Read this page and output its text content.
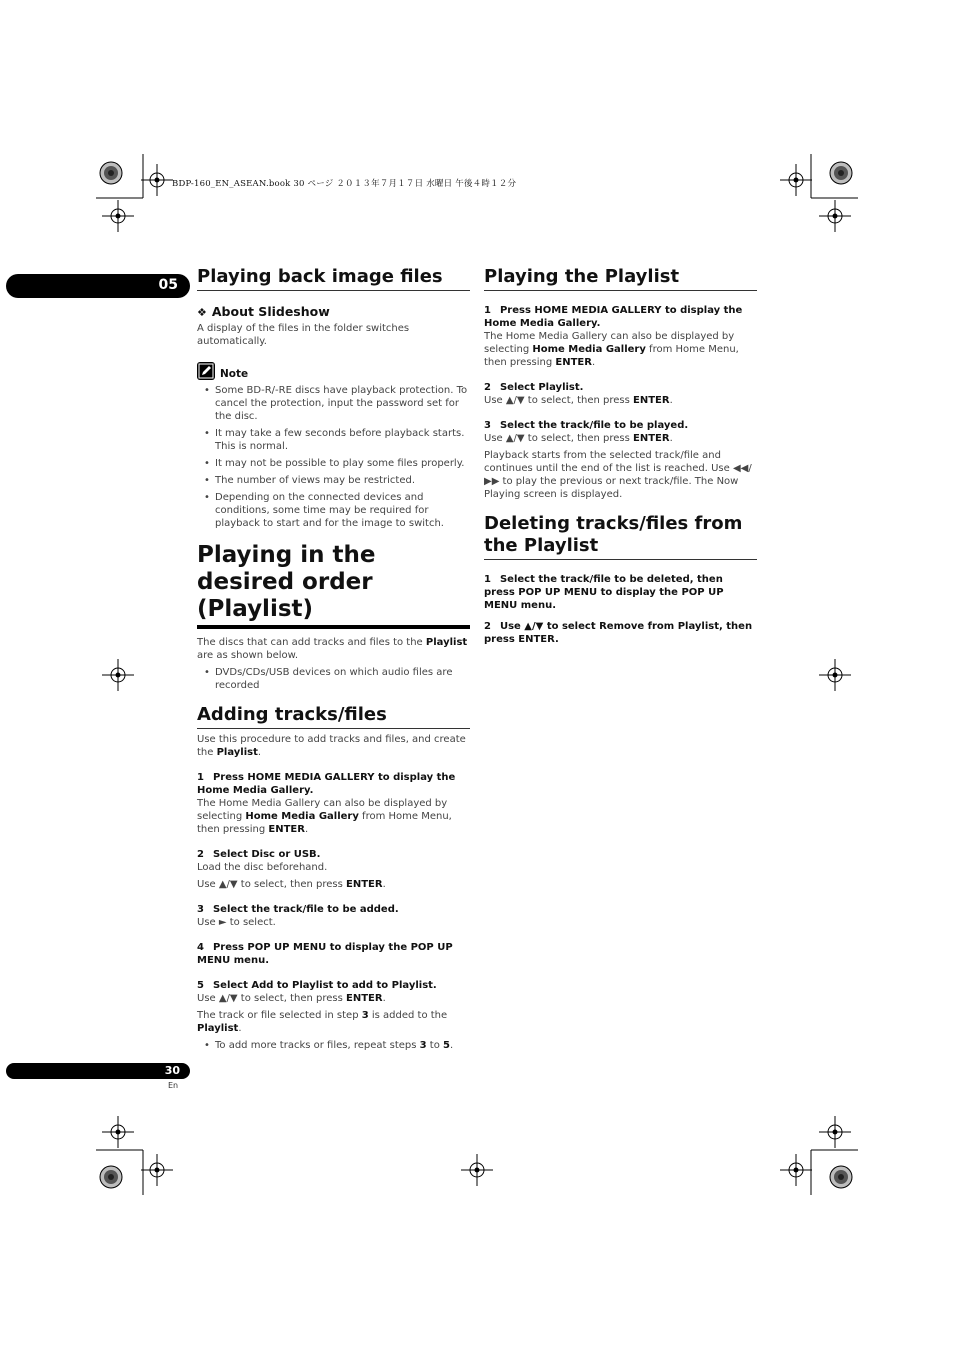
BDP-160_EN_ASEAN.book 30 ページ ２０１３年７月１７日 水曜日 午後４時１２分
05
30
En
Playing back image files
❖ About Slideshow

A display of the files in the folder switches automatically.

Note
• Some BD-R/-RE discs have playback protection. To cancel the protection, input the password set for the disc.
• It may take a few seconds before playback starts. This is normal.
• It may not be possible to play some files properly.
• The number of views may be restricted.
• Depending on the connected devices and conditions, some time may be required for playback to start and for the image to switch.
Playing in the desired order (Playlist)

The discs that can add tracks and files to the Playlist are as shown below.

• DVDs/CDs/USB devices on which audio files are recorded
Adding tracks/files

Use this procedure to add tracks and files, and create the Playlist.

1 Press HOME MEDIA GALLERY to display the Home Media Gallery.

The Home Media Gallery can also be displayed by selecting Home Media Gallery from Home Menu, then pressing ENTER.

2 Select Disc or USB.

Load the disc beforehand.

Use ▲/▼ to select, then press ENTER.

3 Select the track/file to be added.

Use ► to select.

4 Press POP UP MENU to display the POP UP MENU menu.
5 Select Add to Playlist to add to Playlist.

Use ▲/▼ to select, then press ENTER.

The track or file selected in step 3 is added to the Playlist.

• To add more tracks or files, repeat steps 3 to 5.
Playing the Playlist
1 Press HOME MEDIA GALLERY to display the Home Media Gallery.

The Home Media Gallery can also be displayed by selecting Home Media Gallery from Home Menu, then pressing ENTER.

2 Select Playlist.

Use ▲/▼ to select, then press ENTER.

3 Select the track/file to be played.

Use ▲/▼ to select, then press ENTER.

Playback starts from the selected track/file and continues until the end of the list is reached. Use ◀◀/▶▶ to play the previous or next track/file. The Now Playing screen is displayed.

Deleting tracks/files from the Playlist
1 Select the track/file to be deleted, then press POP UP MENU to display the POP UP MENU menu.
2 Use ▲/▼ to select Remove from Playlist, then press ENTER.
